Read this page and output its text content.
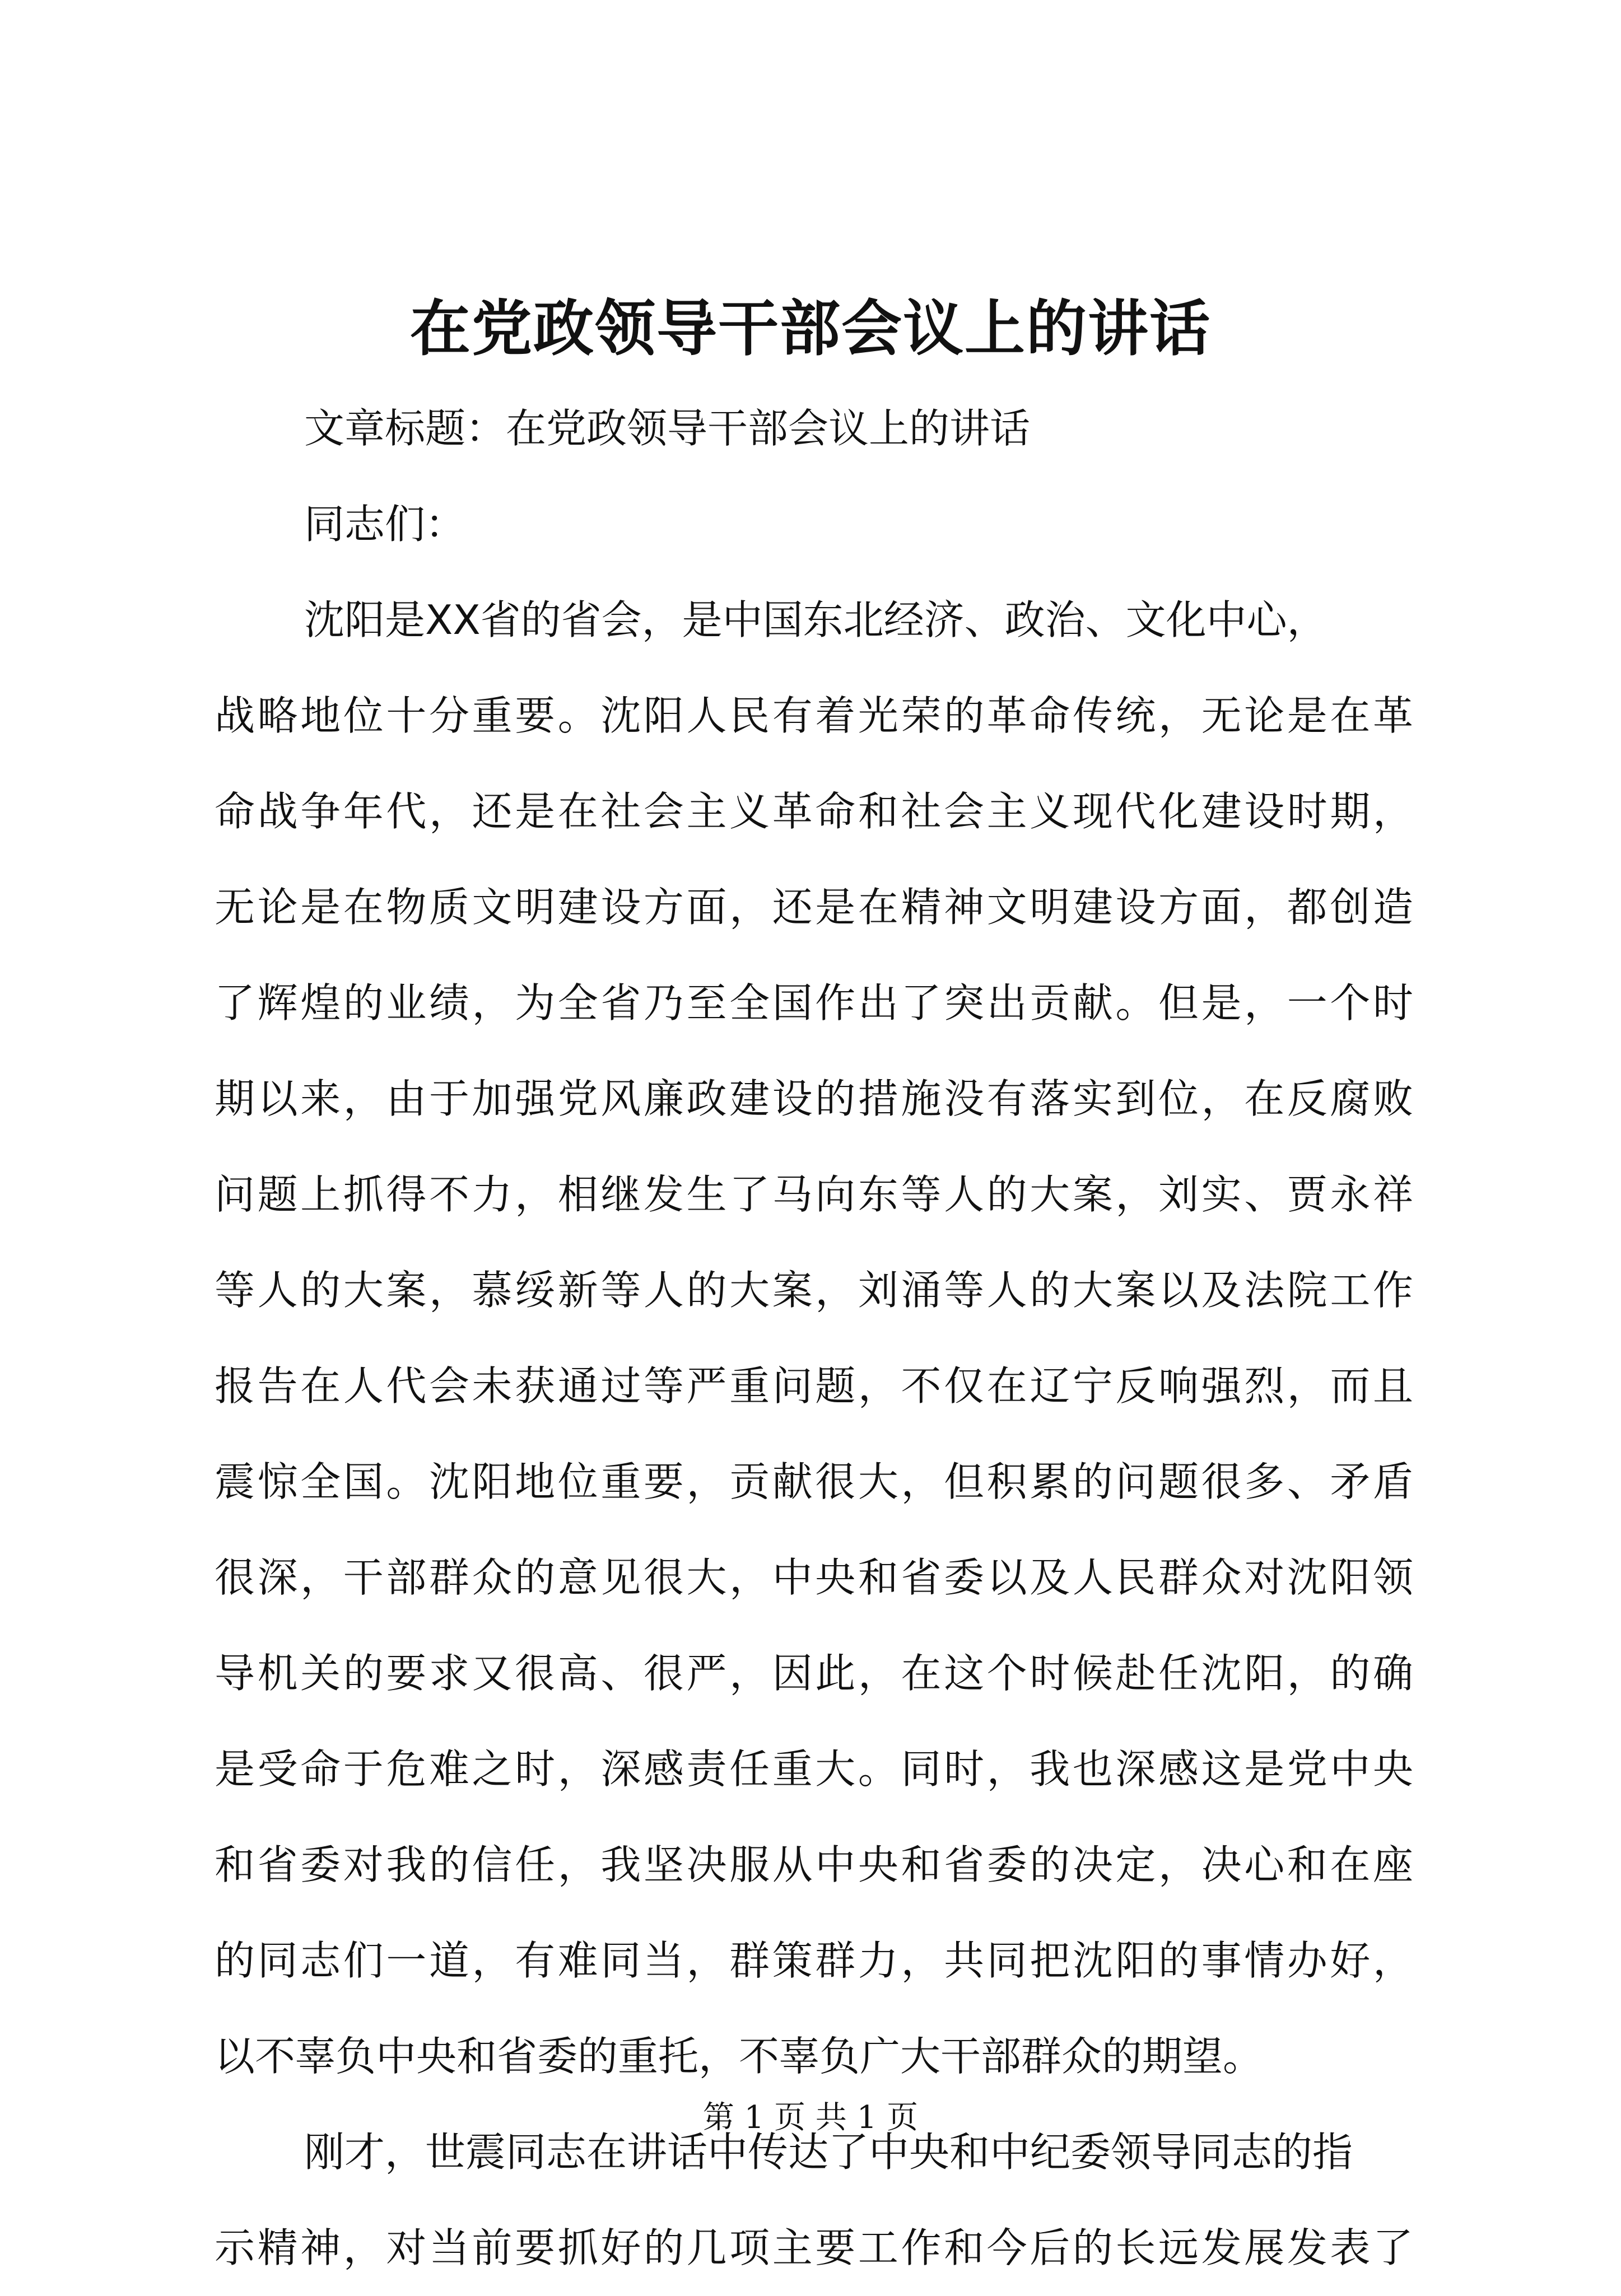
在党政领导干部会议上的讲话
文章标题：在党政领导干部会议上的讲话
同志们：
沈阳是XX省的省会，是中国东北经济、政治、文化中心，
战略地位十分重要。沈阳人民有着光荣的革命传统，无论是在革
命战争年代，还是在社会主义革命和社会主义现代化建设时期，
无论是在物质文明建设方面，还是在精神文明建设方面，都创造
了辉煌的业绩，为全省乃至全国作出了突出贡献。但是，一个时
期以来，由于加强党风廉政建设的措施没有落实到位，在反腐败
问题上抓得不力，相继发生了马向东等人的大案，刘实、贾永祥
等人的大案，慕绥新等人的大案，刘涌等人的大案以及法院工作
报告在人代会未获通过等严重问题，不仅在辽宁反响强烈，而且
震惊全国。沈阳地位重要，贡献很大，但积累的问题很多、矛盾
很深，干部群众的意见很大，中央和省委以及人民群众对沈阳领
导机关的要求又很高、很严，因此，在这个时候赴任沈阳，的确
是受命于危难之时，深感责任重大。同时，我也深感这是党中央
和省委对我的信任，我坚决服从中央和省委的决定，决心和在座
的同志们一道，有难同当，群策群力，共同把沈阳的事情办好，
以不辜负中央和省委的重托，不辜负广大干部群众的期望。
刚才，世震同志在讲话中传达了中央和中纪委领导同志的指
示精神，对当前要抓好的几项主要工作和今后的长远发展发表了
第 1 页 共 1 页
